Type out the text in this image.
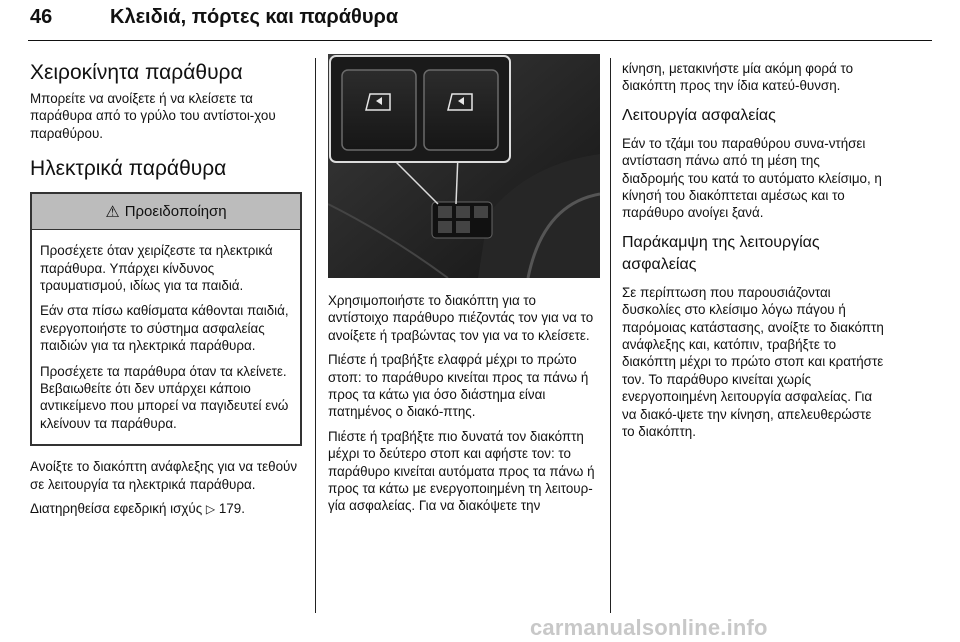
46	Κλειδιά, πόρτες και παράθυρα
Χειροκίνητα παράθυρα

Μπορείτε να ανοίξετε ή να κλείσετε τα παράθυρα από το γρύλο του αντίστοι-χου παραθύρου.

Ηλεκτρικά παράθυρα
⚠ Προειδοποίηση

Προσέχετε όταν χειρίζεστε τα ηλεκτρικά παράθυρα. Υπάρχει κίνδυνος τραυματισμού, ιδίως για τα παιδιά.

Εάν στα πίσω καθίσματα κάθονται παιδιά, ενεργοποιήστε το σύστημα ασφαλείας παιδιών για τα ηλεκτρικά παράθυρα.

Προσέχετε τα παράθυρα όταν τα κλείνετε. Βεβαιωθείτε ότι δεν υπάρχει κάποιο αντικείμενο που μπορεί να παγιδευτεί ενώ κλείνουν τα παράθυρα.

Ανοίξτε το διακόπτη ανάφλεξης για να τεθούν σε λειτουργία τα ηλεκτρικά παράθυρα.

Διατηρηθείσα εφεδρική ισχύς ▷ 179.

Χρησιμοποιήστε το διακόπτη για το αντίστοιχο παράθυρο πιέζοντάς τον για να το ανοίξετε ή τραβώντας τον για να το κλείσετε.

Πιέστε ή τραβήξτε ελαφρά μέχρι το πρώτο στοπ: το παράθυρο κινείται προς τα πάνω ή προς τα κάτω για όσο διάστημα είναι πατημένος ο διακό-πτης.

Πιέστε ή τραβήξτε πιο δυνατά τον διακόπτη μέχρι το δεύτερο στοπ και αφήστε τον: το παράθυρο κινείται αυτόματα προς τα πάνω ή προς τα κάτω με ενεργοποιημένη τη λειτουρ-γία ασφαλείας. Για να διακόψετε την

κίνηση, μετακινήστε μία ακόμη φορά το διακόπτη προς την ίδια κατεύ-θυνση.

Λειτουργία ασφαλείας

Εάν το τζάμι του παραθύρου συνα-ντήσει αντίσταση πάνω από τη μέση της διαδρομής του κατά το αυτόματο κλείσιμο, η κίνησή του διακόπτεται αμέσως και το παράθυρο ανοίγει ξανά.

Παράκαμψη της λειτουργίας ασφαλείας

Σε περίπτωση που παρουσιάζονται δυσκολίες στο κλείσιμο λόγω πάγου ή παρόμοιας κατάστασης, ανοίξτε το διακόπτη ανάφλεξης και, κατόπιν, τραβήξτε το διακόπτη μέχρι το πρώτο στοπ και κρατήστε τον. Το παράθυρο κινείται χωρίς ενεργοποιημένη λειτουργία ασφαλείας. Για να διακό-ψετε την κίνηση, απελευθερώστε το διακόπτη.

carmanualsonline.info
